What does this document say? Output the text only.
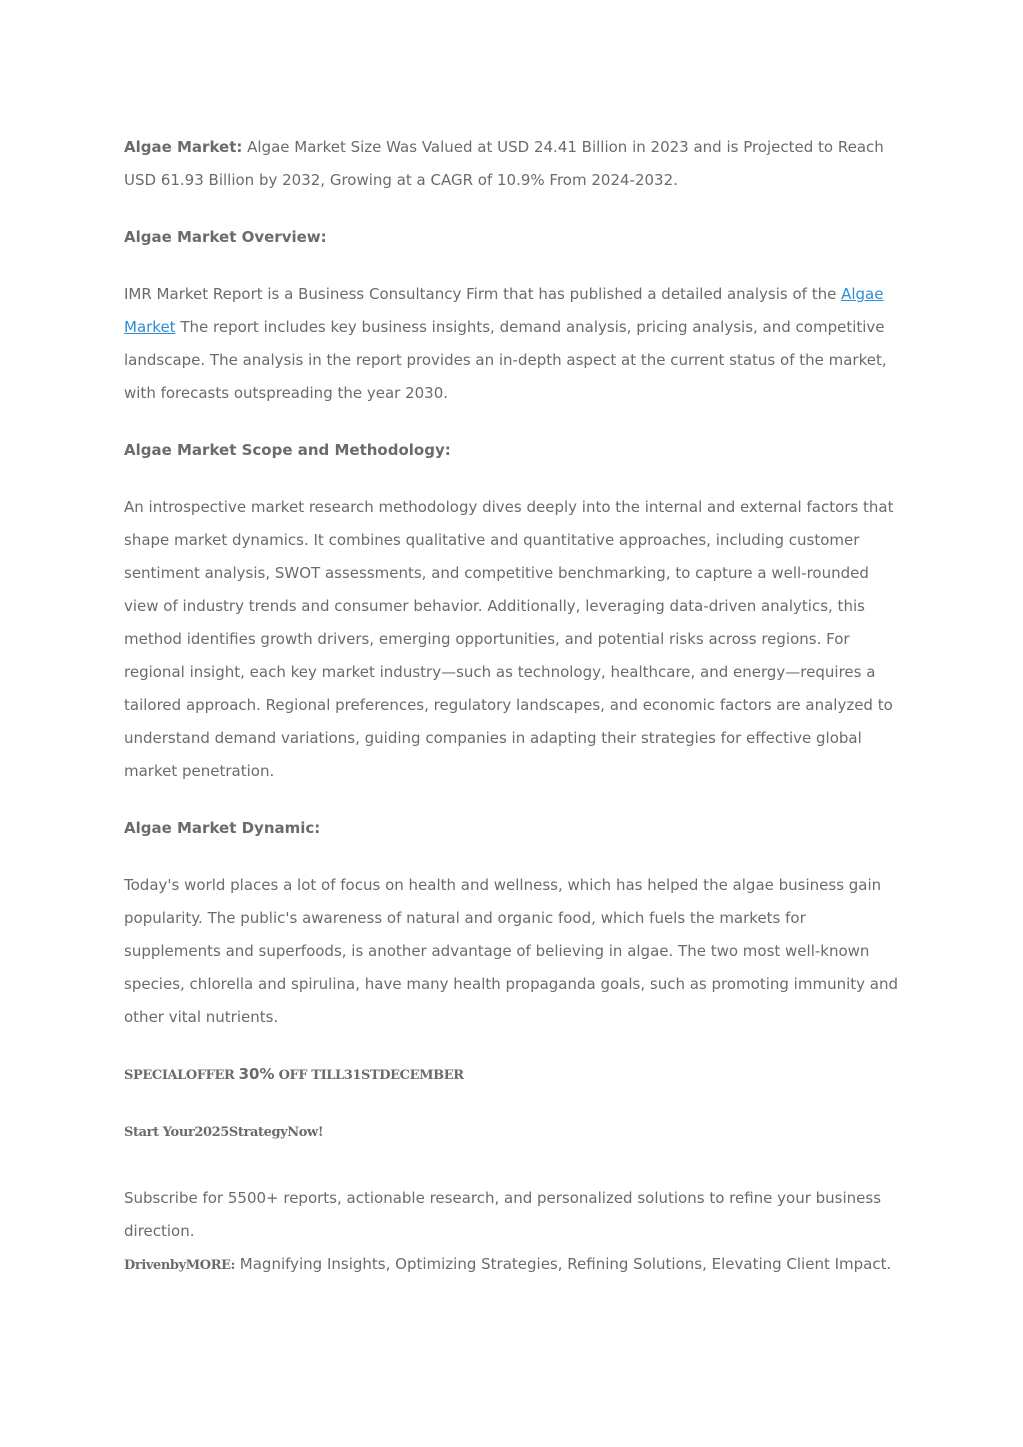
Algae Market: Algae Market Size Was Valued at USD 24.41 Billion in 2023 and is Projected to Reach USD 61.93 Billion by 2032, Growing at a CAGR of 10.9% From 2024-2032.

Algae Market Overview:

IMR Market Report is a Business Consultancy Firm that has published a detailed analysis of the Algae Market The report includes key business insights, demand analysis, pricing analysis, and competitive landscape. The analysis in the report provides an in-depth aspect at the current status of the market, with forecasts outspreading the year 2030.

Algae Market Scope and Methodology:

An introspective market research methodology dives deeply into the internal and external factors that shape market dynamics. It combines qualitative and quantitative approaches, including customer sentiment analysis, SWOT assessments, and competitive benchmarking, to capture a well-rounded view of industry trends and consumer behavior. Additionally, leveraging data-driven analytics, this method identifies growth drivers, emerging opportunities, and potential risks across regions. For regional insight, each key market industry—such as technology, healthcare, and energy—requires a tailored approach. Regional preferences, regulatory landscapes, and economic factors are analyzed to understand demand variations, guiding companies in adapting their strategies for effective global market penetration.

Algae Market Dynamic:

Today's world places a lot of focus on health and wellness, which has helped the algae business gain popularity. The public's awareness of natural and organic food, which fuels the markets for supplements and superfoods, is another advantage of believing in algae. The two most well-known species, chlorella and spirulina, have many health propaganda goals, such as promoting immunity and other vital nutrients.

SPECIALOFFER 30% OFF TILL31STDECEMBER

Start Your2025StrategyNow!

Subscribe for 5500+ reports, actionable research, and personalized solutions to refine your business direction.

DrivenbyMORE: Magnifying Insights, Optimizing Strategies, Refining Solutions, Elevating Client Impact.
